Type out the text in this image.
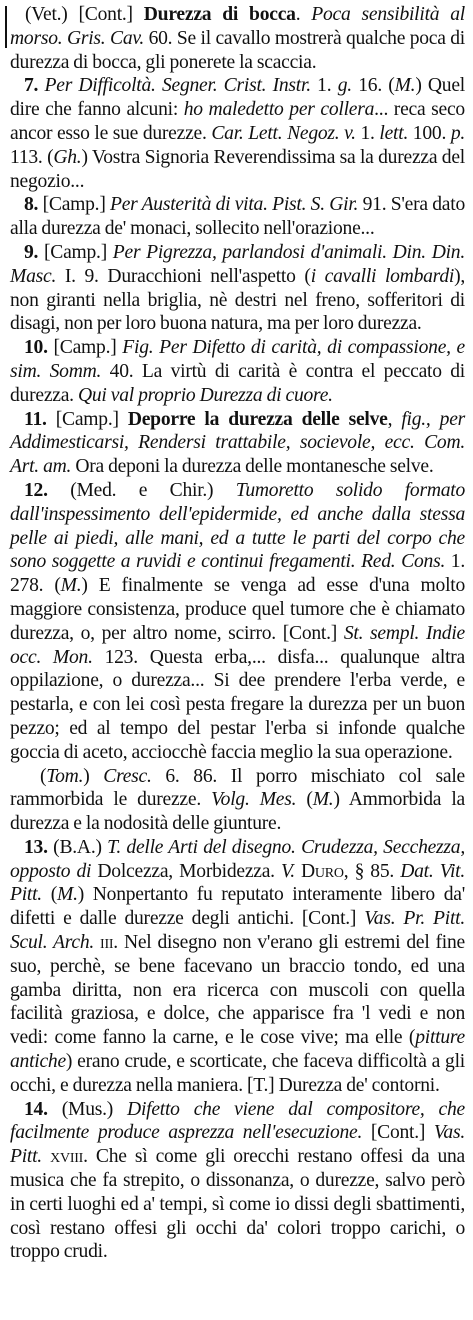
(Vet.) [Cont.] Durezza di bocca. Poca sensibilità al morso. Gris. Cav. 60. Se il cavallo mostrerà qualche poca di durezza di bocca, gli ponerete la scaccia.

7. Per Difficoltà. Segner. Crist. Instr. 1. g. 16. (M.) Quel dire che fanno alcuni: ho maledetto per collera... reca seco ancor esso le sue durezze. Car. Lett. Negoz. v. 1. lett. 100. p. 113. (Gh.) Vostra Signoria Reverendissima sa la durezza del negozio...

8. [Camp.] Per Austerità di vita. Pist. S. Gir. 91. S'era dato alla durezza de' monaci, sollecito nell'orazione...

9. [Camp.] Per Pigrezza, parlandosi d'animali. Din. Din. Masc. I. 9. Duracchioni nell'aspetto (i cavalli lombardi), non giranti nella briglia, nè destri nel freno, sofferitori di disagi, non per loro buona natura, ma per loro durezza.

10. [Camp.] Fig. Per Difetto di carità, di compassione, e sim. Somm. 40. La virtù di carità è contra el peccato di durezza. Qui val proprio Durezza di cuore.

11. [Camp.] Deporre la durezza delle selve, fig., per Addimesticarsi, Rendersi trattabile, socievole, ecc. Com. Art. am. Ora deponi la durezza delle montanesche selve.

12. (Med. e Chir.) Tumoretto solido formato dall'inspessimento dell'epidermide, ed anche dalla stessa pelle ai piedi, alle mani, ed a tutte le parti del corpo che sono soggette a ruvidi e continui fregamenti. Red. Cons. 1. 278. (M.) E finalmente se venga ad esse d'una molto maggiore consistenza, produce quel tumore che è chiamato durezza, o, per altro nome, scirro. [Cont.] St. sempl. Indie occ. Mon. 123. Questa erba,... disfa... qualunque altra oppilazione, o durezza... Si dee prendere l'erba verde, e pestarla, e con lei così pesta fregare la durezza per un buon pezzo; ed al tempo del pestar l'erba si infonde qualche goccia di aceto, acciocchè faccia meglio la sua operazione.

(Tom.) Cresc. 6. 86. Il porro mischiato col sale rammorbida le durezze. Volg. Mes. (M.) Ammorbida la durezza e la nodosità delle giunture.

13. (B.A.) T. delle Arti del disegno. Crudezza, Secchezza, opposto di Dolcezza, Morbidezza. V. Duro, § 85. Dat. Vit. Pitt. (M.) Nonpertanto fu reputato interamente libero da' difetti e dalle durezze degli antichi. [Cont.] Vas. Pr. Pitt. Scul. Arch. iii. Nel disegno non v'erano gli estremi del fine suo, perchè, se bene facevano un braccio tondo, ed una gamba diritta, non era ricerca con muscoli con quella facilità graziosa, e dolce, che apparisce fra 'l vedi e non vedi: come fanno la carne, e le cose vive; ma elle (pitture antiche) erano crude, e scorticate, che faceva difficoltà a gli occhi, e durezza nella maniera. [T.] Durezza de' contorni.

14. (Mus.) Difetto che viene dal compositore, che facilmente produce asprezza nell'esecuzione. [Cont.] Vas. Pitt. xviii. Che sì come gli orecchi restano offesi da una musica che fa strepito, o dissonanza, o durezze, salvo però in certi luoghi ed a' tempi, sì come io dissi degli sbattimenti, così restano offesi gli occhi da' colori troppo carichi, o troppo crudi.
